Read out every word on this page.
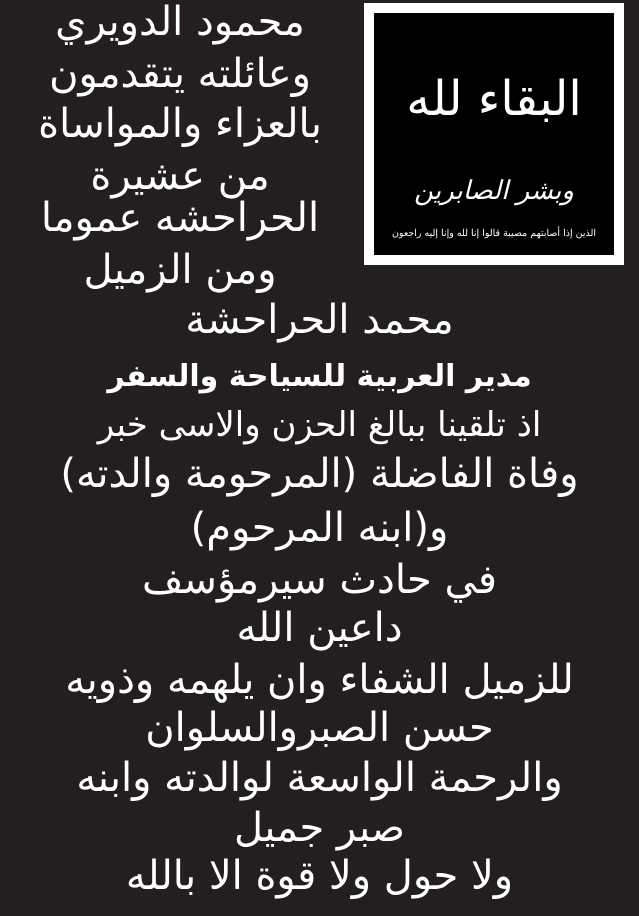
البقاء لله
وبشر الصابرين
الذين إذا أصابتهم مصيبة قالوا إنا لله وإنا إليه راجعون
محمود الدويري
وعائلته يتقدمون
بالعزاء والمواساة
من عشيرة
الحراحشه عموما
ومن الزميل
محمد الحراحشة
مدير العربية للسياحة والسفر
اذ تلقينا ببالغ الحزن والاسى خبر
وفاة الفاضلة (المرحومة والدته)
و(ابنه المرحوم)
في حادث سيرمؤسف
داعين الله
للزميل الشفاء وان يلهمه وذويه
حسن الصبروالسلوان
والرحمة الواسعة لوالدته وابنه
صبر جميل
ولا حول ولا قوة الا بالله
